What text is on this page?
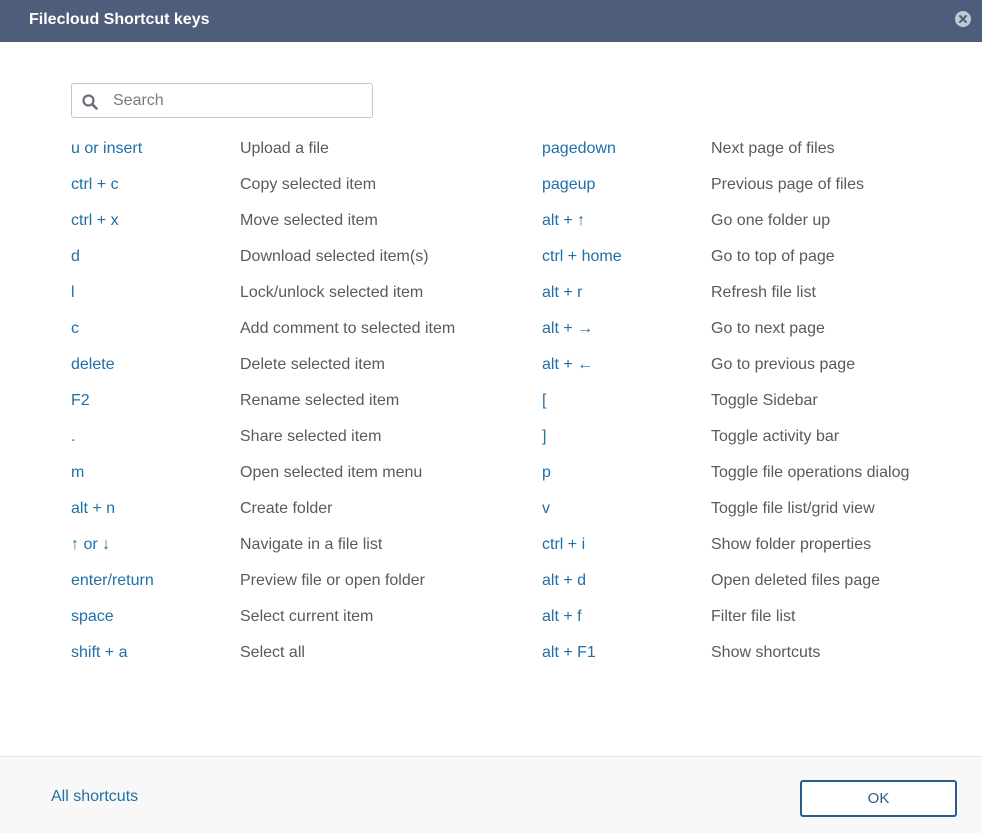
Filecloud Shortcut keys
Search
u or insert	Upload a file	pagedown	Next page of files
ctrl + c	Copy selected item	pageup	Previous page of files
ctrl + x	Move selected item	alt + ↑	Go one folder up
d	Download selected item(s)	ctrl + home	Go to top of page
l	Lock/unlock selected item	alt + r	Refresh file list
c	Add comment to selected item	alt + →	Go to next page
delete	Delete selected item	alt + ←	Go to previous page
F2	Rename selected item	[	Toggle Sidebar
.	Share selected item	]	Toggle activity bar
m	Open selected item menu	p	Toggle file operations dialog
alt + n	Create folder	v	Toggle file list/grid view
↑ or ↓	Navigate in a file list	ctrl + i	Show folder properties
enter/return	Preview file or open folder	alt + d	Open deleted files page
space	Select current item	alt + f	Filter file list
shift + a	Select all	alt + F1	Show shortcuts
All shortcuts	OK
